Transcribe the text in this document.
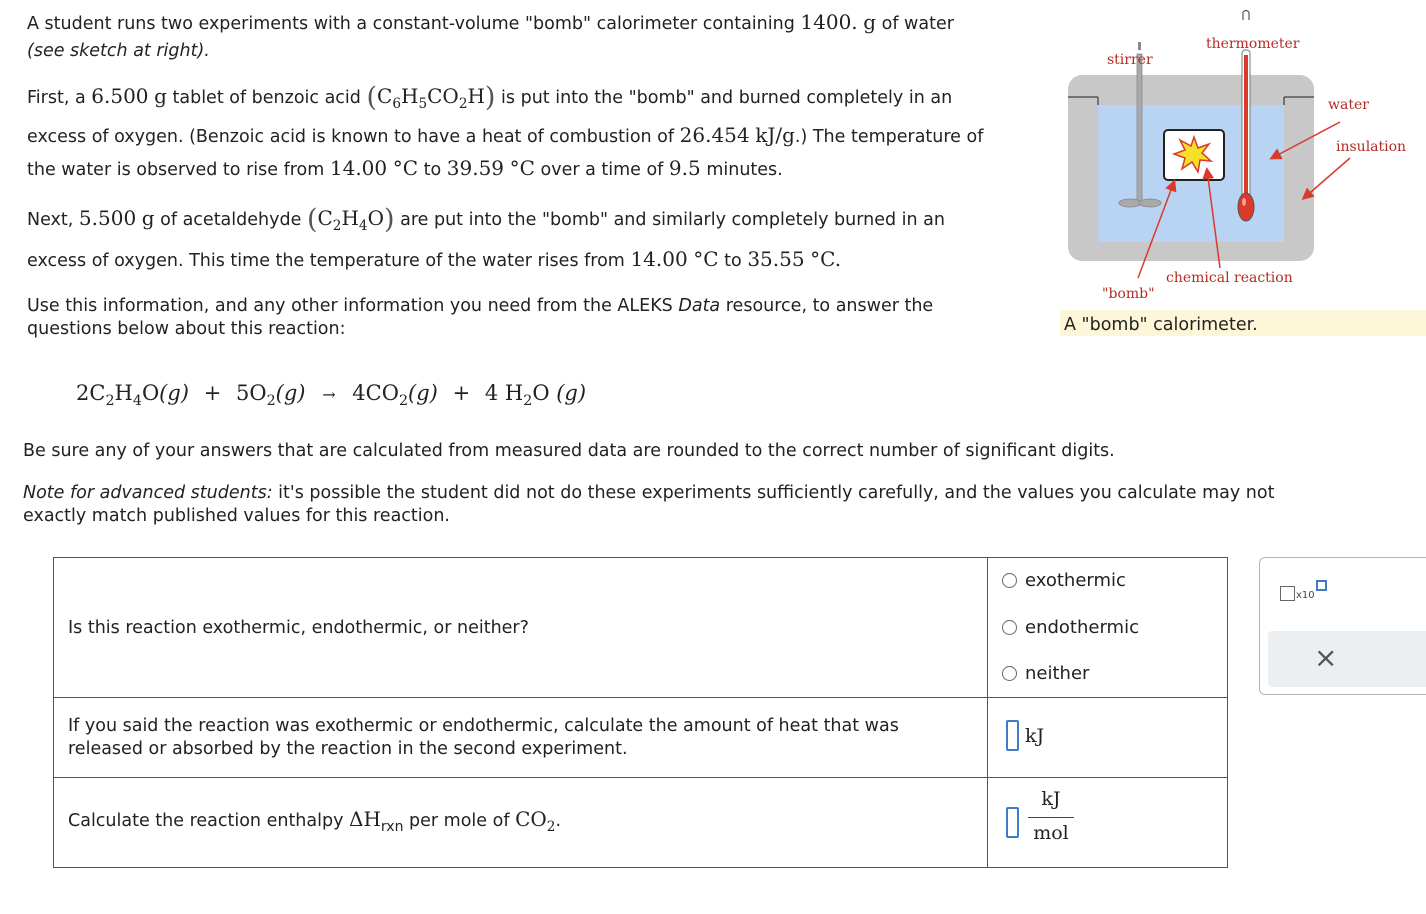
A student runs two experiments with a constant-volume "bomb" calorimeter containing 1400. g of water
(see sketch at right).
First, a 6.500 g tablet of benzoic acid $(C_6H_5CO_2H)$ is put into the "bomb" and burned completely in an
excess of oxygen. (Benzoic acid is known to have a heat of combustion of 26.454 kJ/g.) The temperature of
the water is observed to rise from 14.00 °C to 39.59 °C over a time of 9.5 minutes.
Next, 5.500 g of acetaldehyde $(C_2H_4O)$ are put into the "bomb" and similarly completely burned in an
excess of oxygen. This time the temperature of the water rises from 14.00 °C to 35.55 °C.
Use this information, and any other information you need from the ALEKS Data resource, to answer the
questions below about this reaction:
stirrer
thermometer
water
insulation
chemical reaction
"bomb"
A "bomb" calorimeter.
$2C_2H_4O(g) + 5O_2(g) \to 4CO_2(g) + 4$ $H_2O$ (g)
Be sure any of your answers that are calculated from measured data are rounded to the correct number of significant digits.
Note for advanced students: it's possible the student did not do these experiments sufficiently carefully, and the values you calculate may not
exactly match published values for this reaction.
Is this reaction exothermic, endothermic, or neither?
exothermic
endothermic
neither
If you said the reaction was exothermic or endothermic, calculate the amount of heat that was
released or absorbed by the reaction in the second experiment.
kJ
Calculate the reaction enthalpy $\Delta H_{rxn}$ per mole of $CO_2$.
kJ
mol
x10
×
